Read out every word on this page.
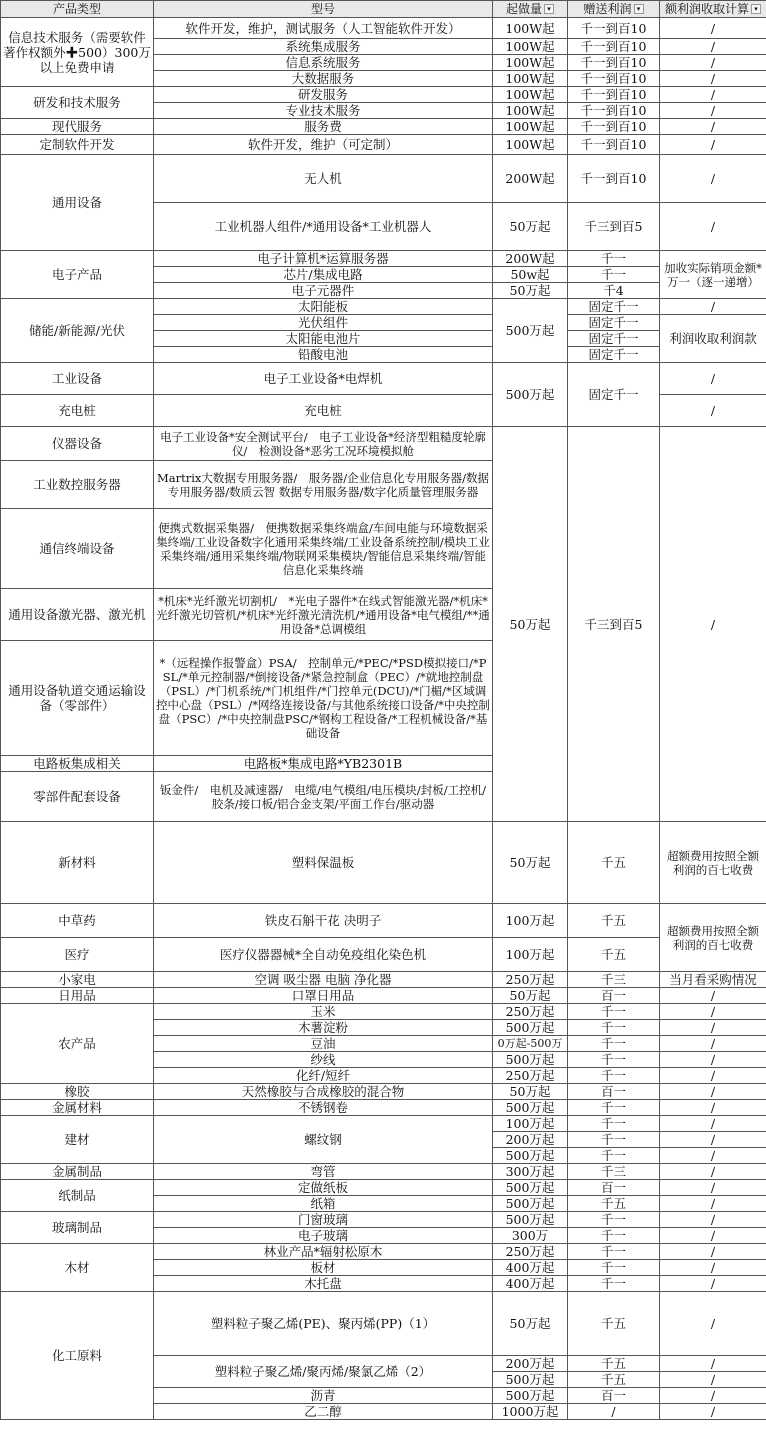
产品类型	型号	起做量 ▾	赠送利润 ▾	额利润收取计算 ▾
信息技术服务（需要软件著作权额外✚500）300万以上免费申请	软件开发，维护，测试服务（人工智能软件开发）	100W起	千一到百10	/
	系统集成服务	100W起	千一到百10	/
	信息系统服务	100W起	千一到百10	/
	大数据服务	100W起	千一到百10	/
研发和技术服务	研发服务	100W起	千一到百10	/
	专业技术服务	100W起	千一到百10	/
现代服务	服务费	100W起	千一到百10	/
定制软件开发	软件开发，维护（可定制）	100W起	千一到百10	/
通用设备	无人机	200W起	千一到百10	/
	工业机器人组件/*通用设备*工业机器人	50万起	千三到百5	/
电子产品	电子计算机*运算服务器	200W起	千一	加收实际销项金额*万一（逐一递增）
	芯片/集成电路	50w起	千一	
	电子元器件	50万起	千4	
储能/新能源/光伏	太阳能板	500万起	固定千一	/
	光伏组件		固定千一	利润收取利润款
	太阳能电池片		固定千一	
	铅酸电池		固定千一	
工业设备	电子工业设备*电焊机	500万起	固定千一	/
充电桩	充电桩			/
仪器设备	电子工业设备*安全测试平台/　电子工业设备*经济型粗糙度轮廓仪/　检测设备*恶劣工况环境模拟舱	50万起	千三到百5	/
工业数控服务器	Martrix大数据专用服务器/　服务器/企业信息化专用服务器/数据专用服务器/数质云智 数据专用服务器/数字化质量管理服务器			
通信终端设备	便携式数据采集器/　便携数据采集终端盒/车间电能与环境数据采集终端/工业设备数字化通用采集终端/工业设备系统控制/模块工业采集终端/通用采集终端/物联网采集模块/智能信息采集终端/智能信息化采集终端			
通用设备激光器、激光机	*机床*光纤激光切割机/　*光电子器件*在线式智能激光器/*机床*光纤激光切管机/*机床*光纤激光清洗机/*通用设备*电气模组/**通用设备*总调模组			
通用设备轨道交通运输设备（零部件）	*（远程操作报警盒）PSA/　控制单元/*PEC/*PSD模拟接口/*PSL/*单元控制器/*倒接设备/*紧急控制盒（PEC）/*就地控制盘（PSL）/*门机系统/*门机组件/*门控单元(DCU)/*门楣/*区域调控中心盘（PSL）/*网络连接设备/与其他系统接口设备/*中央控制盘（PSC）/*中央控制盘PSC/*钢构工程设备/*工程机械设备/*基础设备			
电路板集成相关	电路板*集成电路*YB2301B			
零部件配套设备	钣金件/　电机及减速器/　电缆/电气模组/电压模块/封板/工控机/胶条/接口板/铝合金支架/平面工作台/驱动器			
新材料	塑料保温板	50万起	千五	超额费用按照全额利润的百七收费
中草药	铁皮石斛干花 决明子	100万起	千五	超额费用按照全额利润的百七收费
医疗	医疗仪器器械*全自动免疫组化染色机	100万起	千五	
小家电	空调 吸尘器 电脑 净化器	250万起	千三	当月看采购情况
日用品	口罩日用品	50万起	百一	/
农产品	玉米	250万起	千一	/
	木薯淀粉	500万起	千一	/
	豆油	0万起-500万	千一	/
	纱线	500万起	千一	/
	化纤/短纤	250万起	千一	/
橡胶	天然橡胶与合成橡胶的混合物	50万起	百一	/
金属材料	不锈钢卷	500万起	千一	/
建材	螺纹钢	100万起	千一	/
		200万起	千一	/
		500万起	千一	/
金属制品	弯管	300万起	千三	/
纸制品	定做纸板	500万起	百一	/
	纸箱	500万起	千五	/
玻璃制品	门窗玻璃	500万起	千一	/
	电子玻璃	300万	千一	/
木材	林业产品*辐射松原木	250万起	千一	/
	板材	400万起	千一	/
	木托盘	400万起	千一	/
化工原料	塑料粒子聚乙烯(PE)、聚丙烯(PP)（1）	50万起	千五	/
	塑料粒子聚乙烯/聚丙烯/聚氯乙烯（2）	200万起	千五	/
		500万起	千五	/
	沥青	500万起	百一	/
	乙二醇	1000万起	/	/
